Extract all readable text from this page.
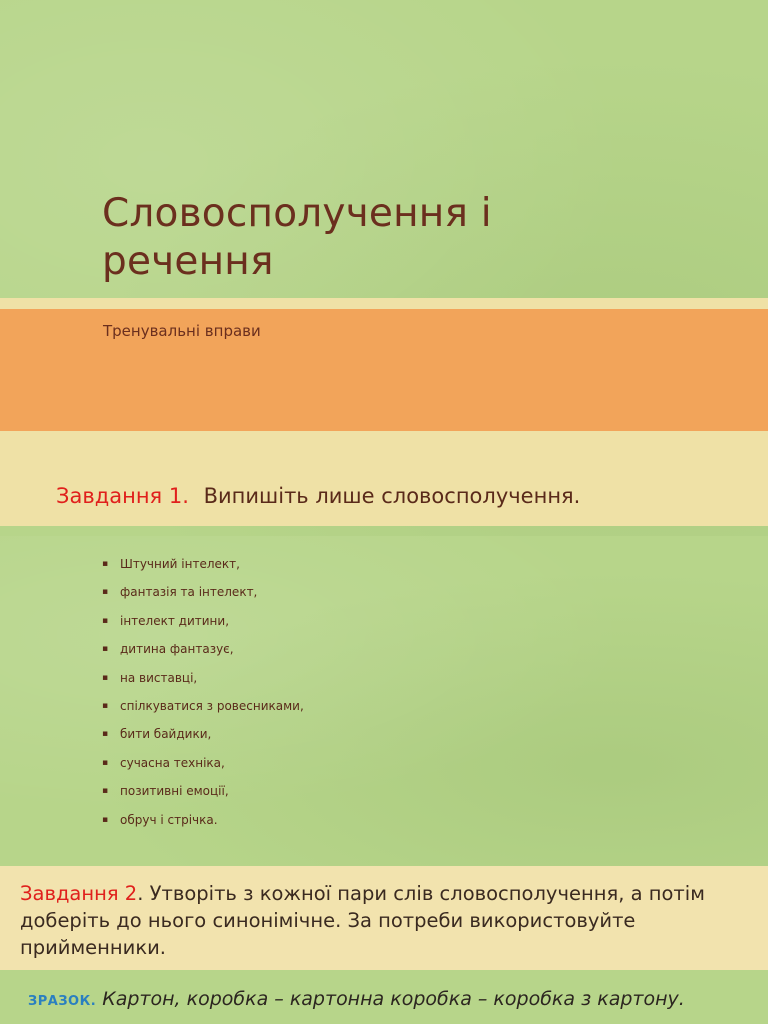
Словосполучення і
речення
Тренувальні вправи
Завдання 1. Випишіть лише словосполучення.
▪ Штучний інтелект,
▪ фантазія та інтелект,
▪ інтелект дитини,
▪ дитина фантазує,
▪ на виставці,
▪ спілкуватися з ровесниками,
▪ бити байдики,
▪ сучасна техніка,
▪ позитивні емоції,
▪ обруч і стрічка.
Завдання 2. Утворіть з кожної пари слів словосполучення, а потім доберіть до нього синонімічне. За потреби використовуйте прийменники.
ЗРАЗОК. Картон, коробка – картонна коробка – коробка з картону.
